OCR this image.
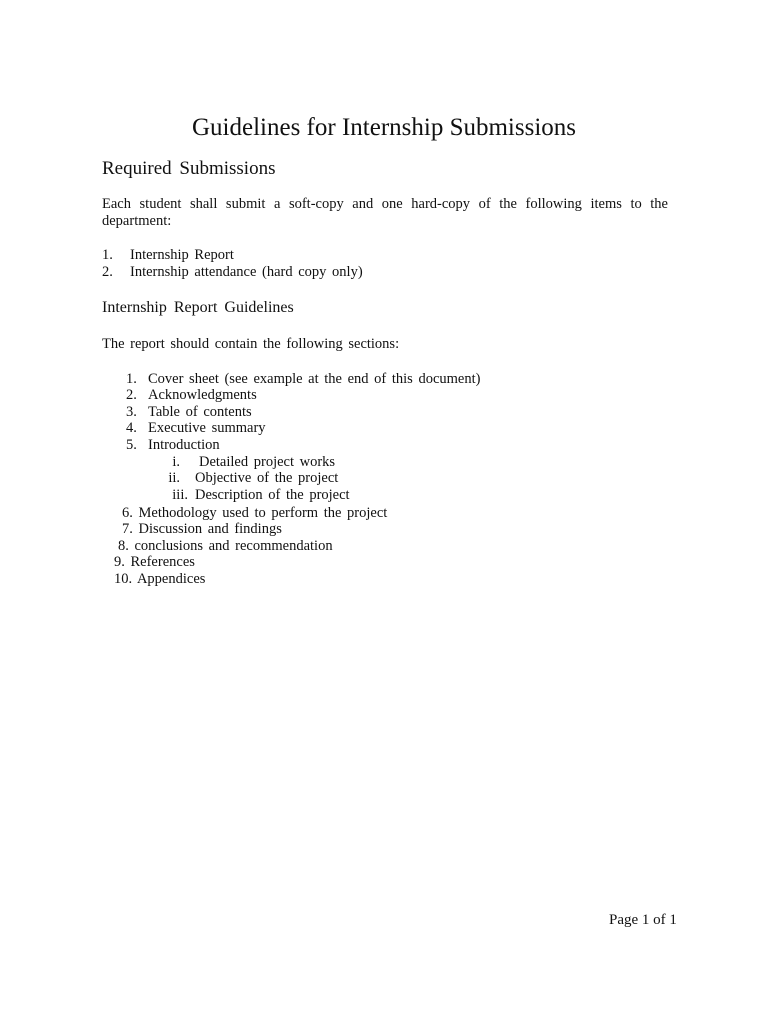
Guidelines for Internship Submissions
Required Submissions
Each student shall submit a soft-copy and one hard-copy of the following items to the department:
1. Internship Report
2. Internship attendance (hard copy only)
Internship Report Guidelines
The report should contain the following sections:
1. Cover sheet (see example at the end of this document)
2. Acknowledgments
3. Table of contents
4. Executive summary
5. Introduction
i. Detailed project works
ii. Objective of the project
iii. Description of the project
6. Methodology used to perform the project
7. Discussion and findings
8. conclusions and recommendation
9. References
10. Appendices
Page 1 of 1
